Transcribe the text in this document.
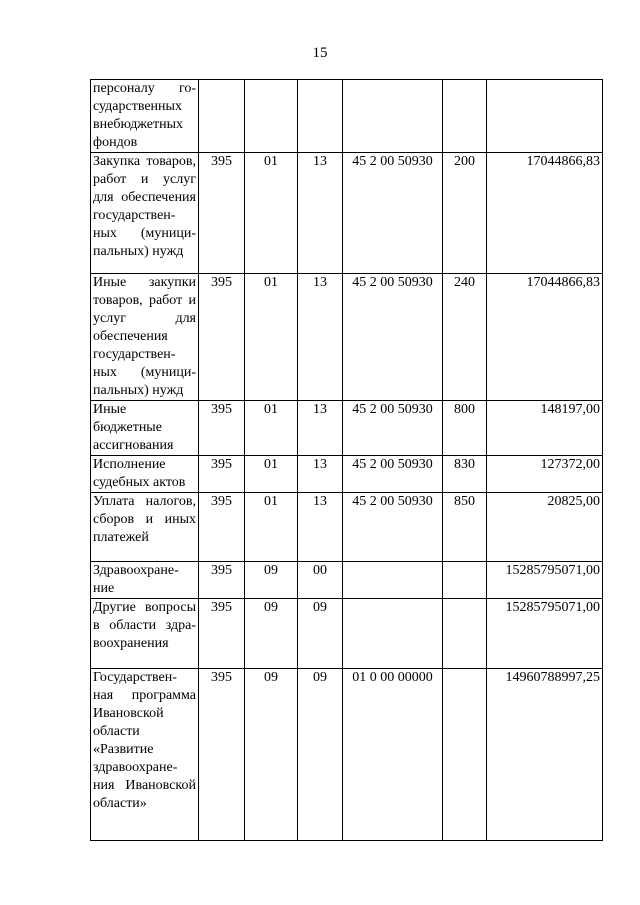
15
персоналу го-сударственных внебюджетных фондов						
Закупка товаров, работ и услуг для обеспечения государствен-ных (муници-пальных) нужд	395	01	13	45 2 00 50930	200	17044866,83
Иные закупки товаров, работ и услуг для обеспечения государствен-ных (муници-пальных) нужд	395	01	13	45 2 00 50930	240	17044866,83
Иные бюджетные ассигнования	395	01	13	45 2 00 50930	800	148197,00
Исполнение судебных актов	395	01	13	45 2 00 50930	830	127372,00
Уплата налогов, сборов и иных платежей	395	01	13	45 2 00 50930	850	20825,00
Здравоохране-ние	395	09	00			15285795071,00
Другие вопросы в области здра-воохранения	395	09	09			15285795071,00
Государствен-ная программа Ивановской области «Развитие здравоохране-ния Ивановской области»	395	09	09	01 0 00 00000		14960788997,25
